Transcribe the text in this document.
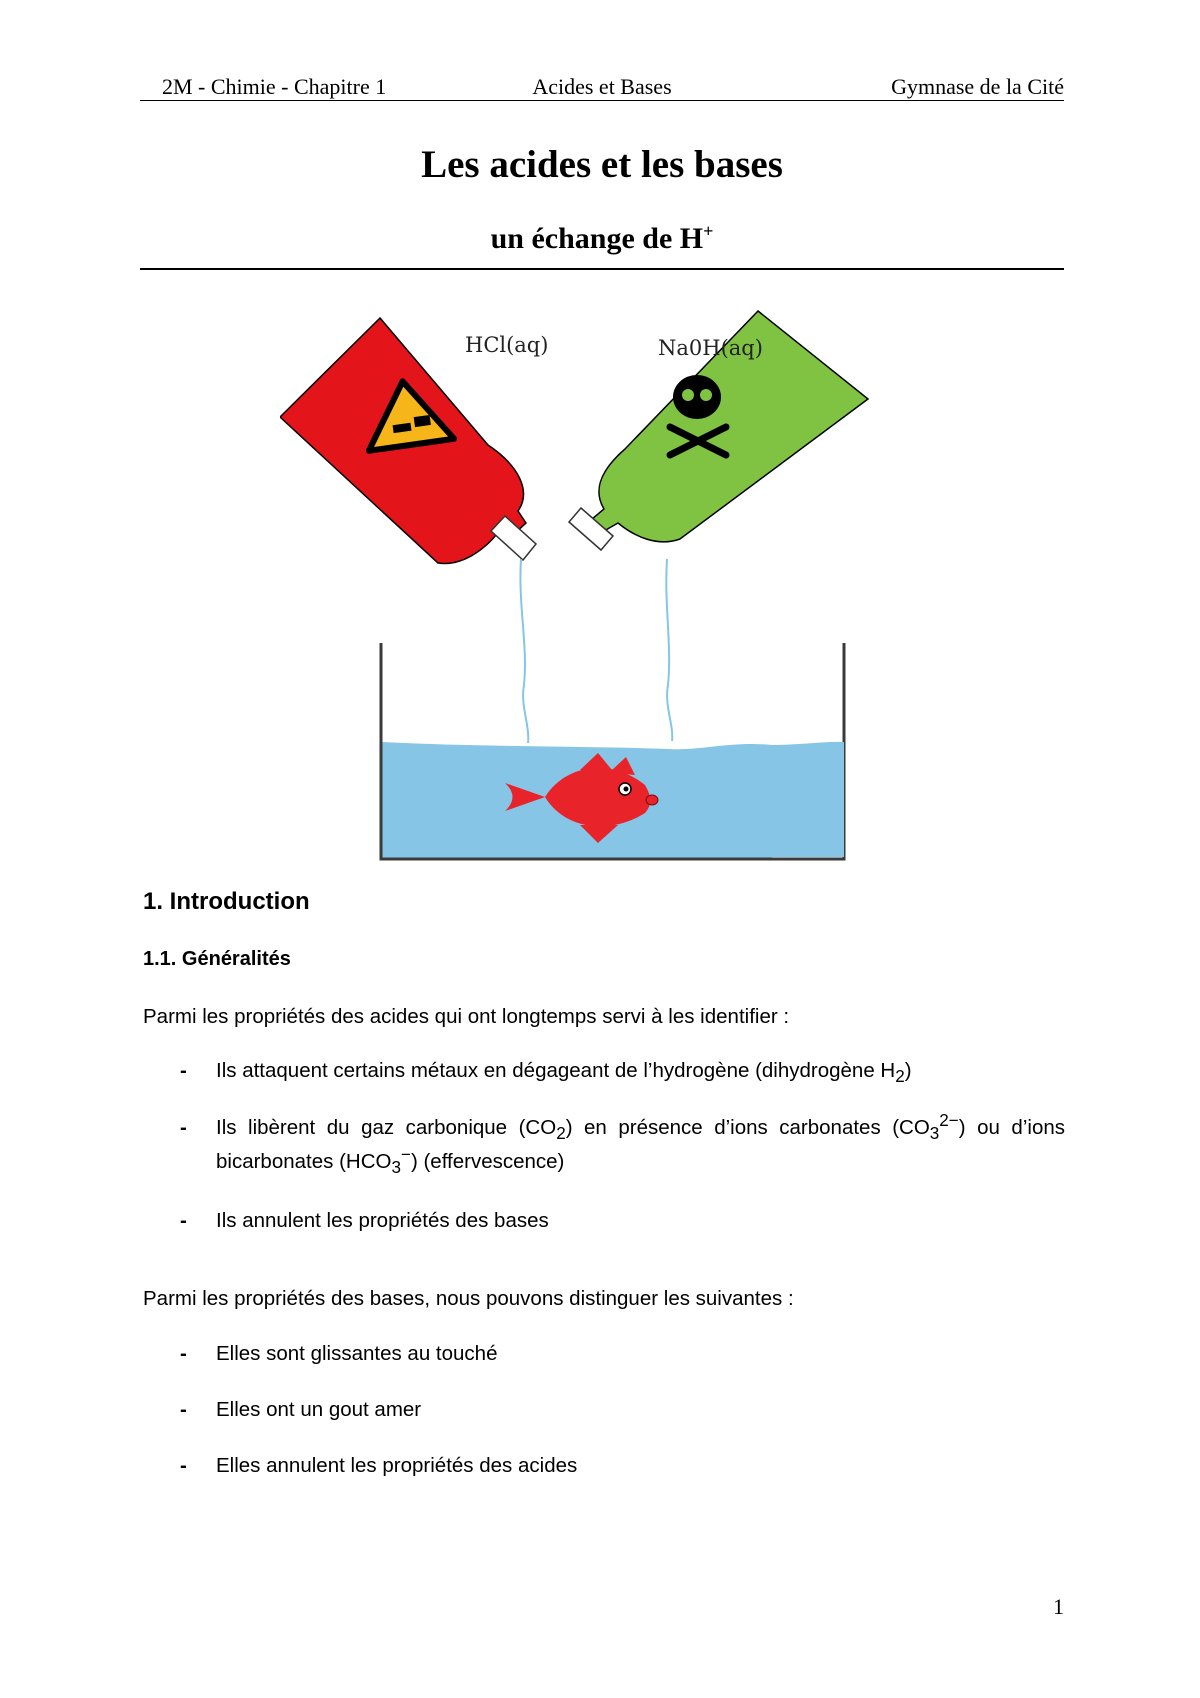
2M - Chimie - Chapitre 1	Acides et Bases	Gymnase de la Cité
Les acides et les bases
un échange de H+
HCl(aq)	Na0H(aq)
1. Introduction
1.1. Généralités
Parmi les propriétés des acides qui ont longtemps servi à les identifier :
- Ils attaquent certains métaux en dégageant de l’hydrogène (dihydrogène $H_2$)
- Ils libèrent du gaz carbonique $(CO_2)$ en présence d’ions carbonates $(CO_3^{2-})$ ou d’ions bicarbonates $(HCO_3^-)$ (effervescence)
- Ils annulent les propriétés des bases
Parmi les propriétés des bases, nous pouvons distinguer les suivantes :
- Elles sont glissantes au touché
- Elles ont un gout amer
- Elles annulent les propriétés des acides
1
